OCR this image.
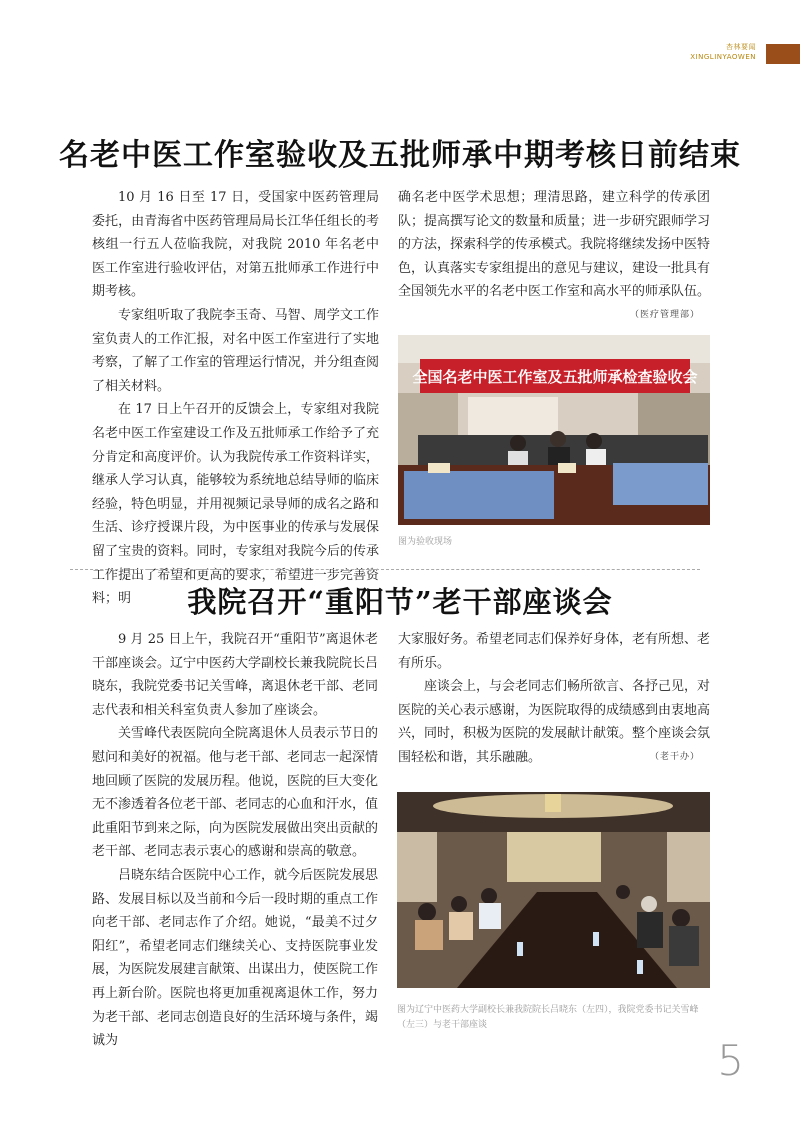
杏林要闻
XINGLINYAOWEN
名老中医工作室验收及五批师承中期考核日前结束

10 月 16 日至 17 日，受国家中医药管理局委托，由青海省中医药管理局局长江华任组长的考核组一行五人莅临我院，对我院 2010 年名老中医工作室进行验收评估，对第五批师承工作进行中期考核。

专家组听取了我院李玉奇、马智、周学文工作室负责人的工作汇报，对名中医工作室进行了实地考察，了解了工作室的管理运行情况，并分组查阅了相关材料。

在 17 日上午召开的反馈会上，专家组对我院名老中医工作室建设工作及五批师承工作给予了充分肯定和高度评价。认为我院传承工作资料详实，继承人学习认真，能够较为系统地总结导师的临床经验，特色明显，并用视频记录导师的成名之路和生活、诊疗授课片段，为中医事业的传承与发展保留了宝贵的资料。同时，专家组对我院今后的传承工作提出了希望和更高的要求，希望进一步完善资料；明

确名老中医学术思想；理清思路，建立科学的传承团队；提高撰写论文的数量和质量；进一步研究跟师学习的方法，探索科学的传承模式。我院将继续发扬中医特色，认真落实专家组提出的意见与建议，建设一批具有全国领先水平的名老中医工作室和高水平的师承队伍。
（医疗管理部）

全国名老中医工作室及五批师承检查验收会
图为验收现场
我院召开“重阳节”老干部座谈会

9 月 25 日上午，我院召开“重阳节”离退休老干部座谈会。辽宁中医药大学副校长兼我院院长吕晓东，我院党委书记关雪峰，离退休老干部、老同志代表和相关科室负责人参加了座谈会。

关雪峰代表医院向全院离退休人员表示节日的慰问和美好的祝福。他与老干部、老同志一起深情地回顾了医院的发展历程。他说，医院的巨大变化无不渗透着各位老干部、老同志的心血和汗水，值此重阳节到来之际，向为医院发展做出突出贡献的老干部、老同志表示衷心的感谢和崇高的敬意。

吕晓东结合医院中心工作，就今后医院发展思路、发展目标以及当前和今后一段时期的重点工作向老干部、老同志作了介绍。她说，“最美不过夕阳红”，希望老同志们继续关心、支持医院事业发展，为医院发展建言献策、出谋出力，使医院工作再上新台阶。医院也将更加重视离退休工作，努力为老干部、老同志创造良好的生活环境与条件，竭诚为

大家服好务。希望老同志们保养好身体，老有所想、老有所乐。

座谈会上，与会老同志们畅所欲言、各抒己见，对医院的关心表示感谢，为医院取得的成绩感到由衷地高兴，同时，积极为医院的发展献计献策。整个座谈会氛围轻松和谐，其乐融融。	（老干办）

图为辽宁中医药大学副校长兼我院院长吕晓东（左四），我院党委书记关雪峰（左三）与老干部座谈
5
